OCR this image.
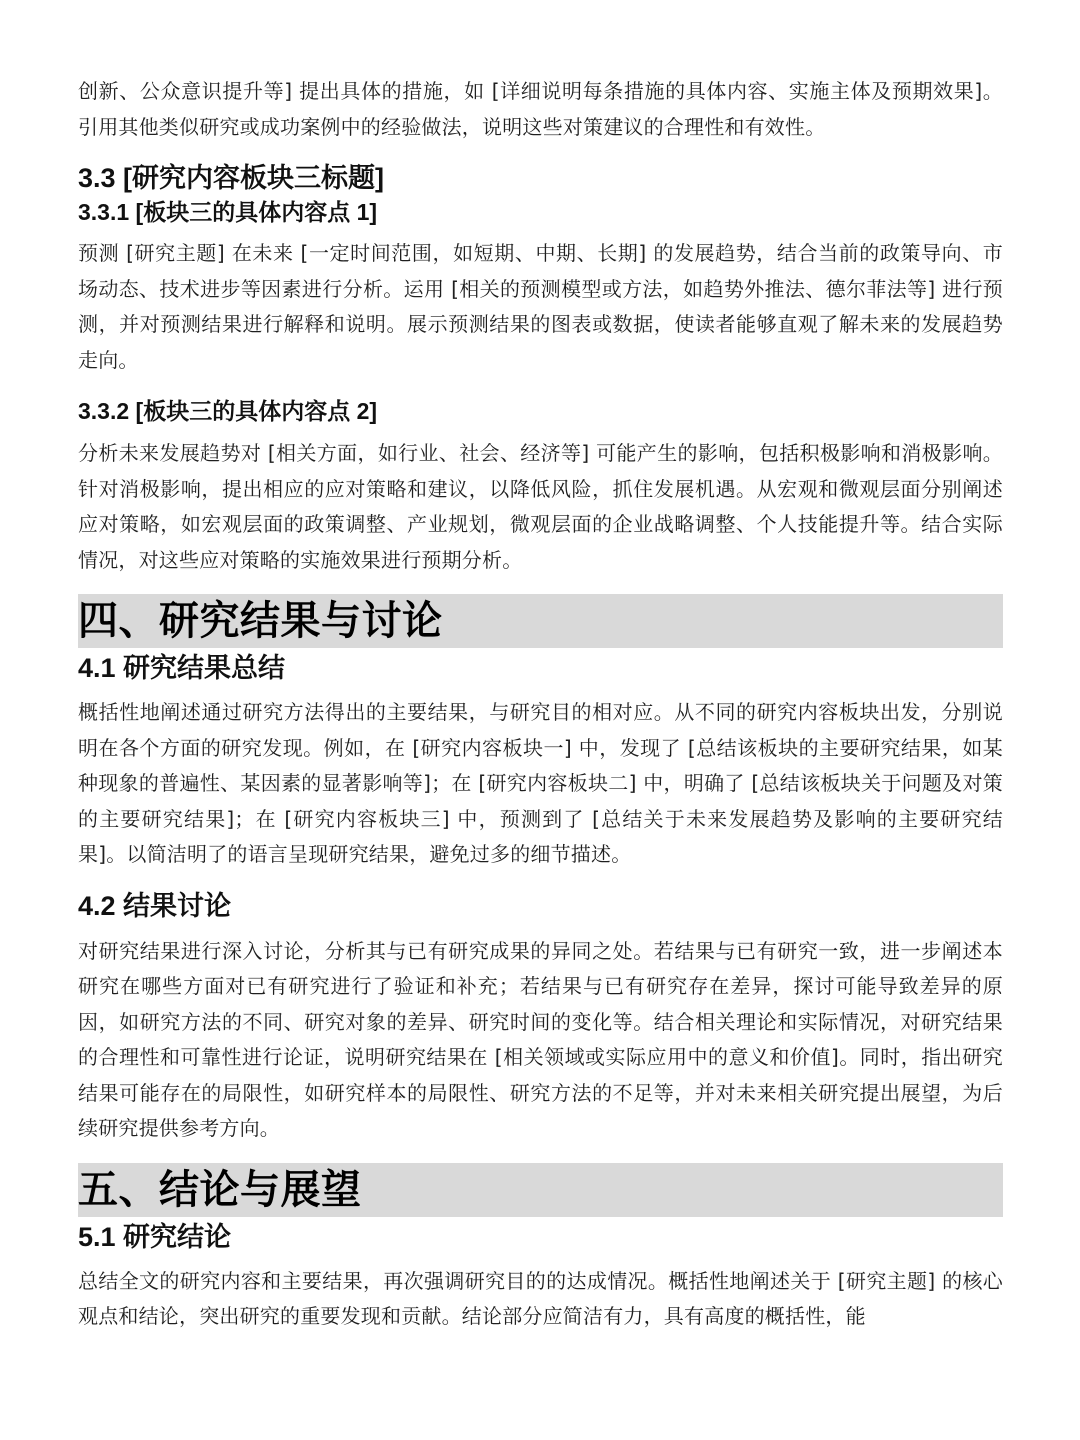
创新、公众意识提升等] 提出具体的措施，如 [详细说明每条措施的具体内容、实施主体及预期效果]。引用其他类似研究或成功案例中的经验做法，说明这些对策建议的合理性和有效性。

3.3 [研究内容板块三标题]
3.3.1 [板块三的具体内容点 1]

预测 [研究主题] 在未来 [一定时间范围，如短期、中期、长期] 的发展趋势，结合当前的政策导向、市场动态、技术进步等因素进行分析。运用 [相关的预测模型或方法，如趋势外推法、德尔菲法等] 进行预测，并对预测结果进行解释和说明。展示预测结果的图表或数据，使读者能够直观了解未来的发展趋势走向。

3.3.2 [板块三的具体内容点 2]

分析未来发展趋势对 [相关方面，如行业、社会、经济等] 可能产生的影响，包括积极影响和消极影响。针对消极影响，提出相应的应对策略和建议，以降低风险，抓住发展机遇。从宏观和微观层面分别阐述应对策略，如宏观层面的政策调整、产业规划，微观层面的企业战略调整、个人技能提升等。结合实际情况，对这些应对策略的实施效果进行预期分析。

四、研究结果与讨论
4.1 研究结果总结

概括性地阐述通过研究方法得出的主要结果，与研究目的相对应。从不同的研究内容板块出发，分别说明在各个方面的研究发现。例如，在 [研究内容板块一] 中，发现了 [总结该板块的主要研究结果，如某种现象的普遍性、某因素的显著影响等]；在 [研究内容板块二] 中，明确了 [总结该板块关于问题及对策的主要研究结果]；在 [研究内容板块三] 中，预测到了 [总结关于未来发展趋势及影响的主要研究结果]。以简洁明了的语言呈现研究结果，避免过多的细节描述。

4.2 结果讨论

对研究结果进行深入讨论，分析其与已有研究成果的异同之处。若结果与已有研究一致，进一步阐述本研究在哪些方面对已有研究进行了验证和补充；若结果与已有研究存在差异，探讨可能导致差异的原因，如研究方法的不同、研究对象的差异、研究时间的变化等。结合相关理论和实际情况，对研究结果的合理性和可靠性进行论证，说明研究结果在 [相关领域或实际应用中的意义和价值]。同时，指出研究结果可能存在的局限性，如研究样本的局限性、研究方法的不足等，并对未来相关研究提出展望，为后续研究提供参考方向。

五、结论与展望
5.1 研究结论

总结全文的研究内容和主要结果，再次强调研究目的的达成情况。概括性地阐述关于 [研究主题] 的核心观点和结论，突出研究的重要发现和贡献。结论部分应简洁有力，具有高度的概括性，能
